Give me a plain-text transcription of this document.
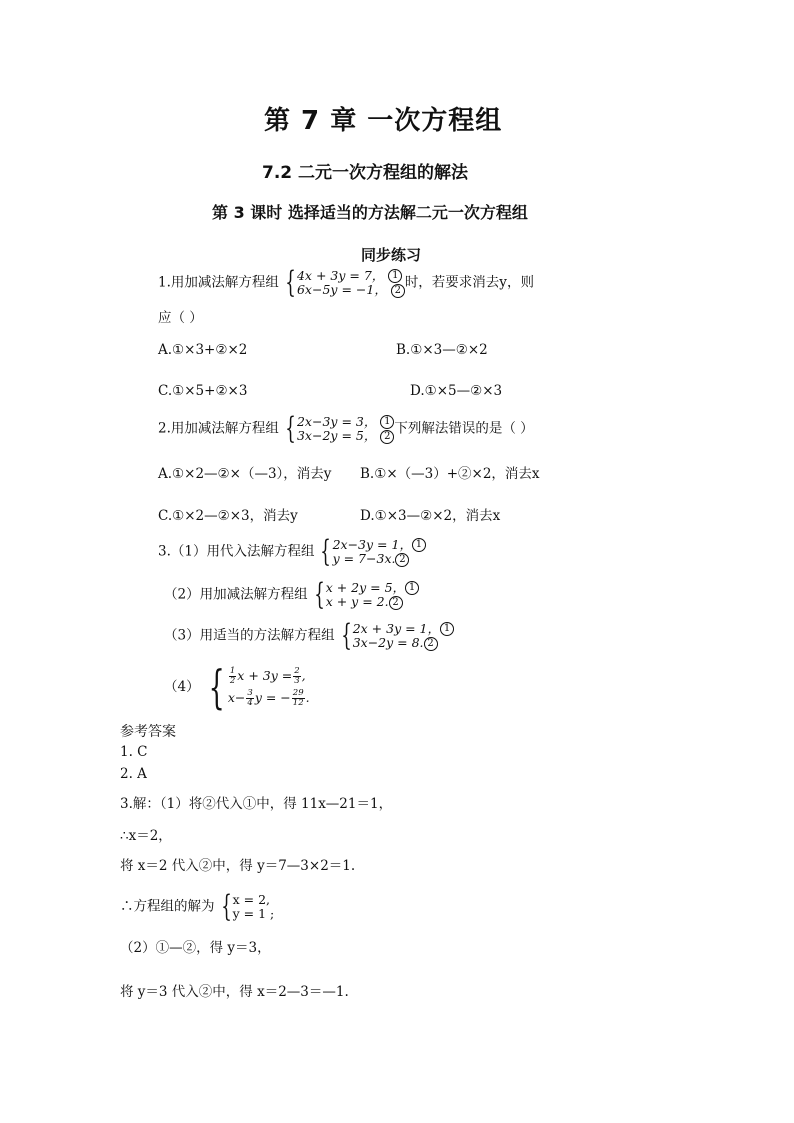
第 7 章 一次方程组
7.2 二元一次方程组的解法
第 3 课时 选择适当的方法解二元一次方程组
同步练习
1.用加减法解方程组 { 4x + 3y = 7， 1
6x−5y = −1， 2 时，若要求消去y，则
应（ ）
A.①×3+②×2	B.①×3—②×2
C.①×5+②×3	D.①×5—②×3
2.用加减法解方程组 { 2x−3y = 3， 1
3x−2y = 5， 2 下列解法错误的是（ ）
A.①×2—②×（—3），消去y B.①×（—3）+②×2，消去x
C.①×2—②×3，消去y	D.①×3—②×2，消去x
3.（1）用代入法解方程组 { 2x−3y = 1， 1
y = 7−3x. 2
（2）用加减法解方程组 { x + 2y = 5， 1
x + y = 2. 2
（3）用适当的方法解方程组 { 2x + 3y = 1， 1
3x−2y = 8. 2
（4） { $\frac{1}{2}$ $x + 3y = \frac{2}{3}$ ,
$x- \frac{3}{4}$ y = − $\frac{29}{12}$ .
参考答案
1. C
2. A
3.解：（1）将②代入①中，得 11x—21＝1，
∴x＝2，
将 x＝2 代入②中，得 y＝7—3×2＝1.
∴方程组的解为 { x = 2,
y = 1 ;
（2）①—②，得 y＝3，
将 y＝3 代入②中，得 x＝2—3＝—1.
